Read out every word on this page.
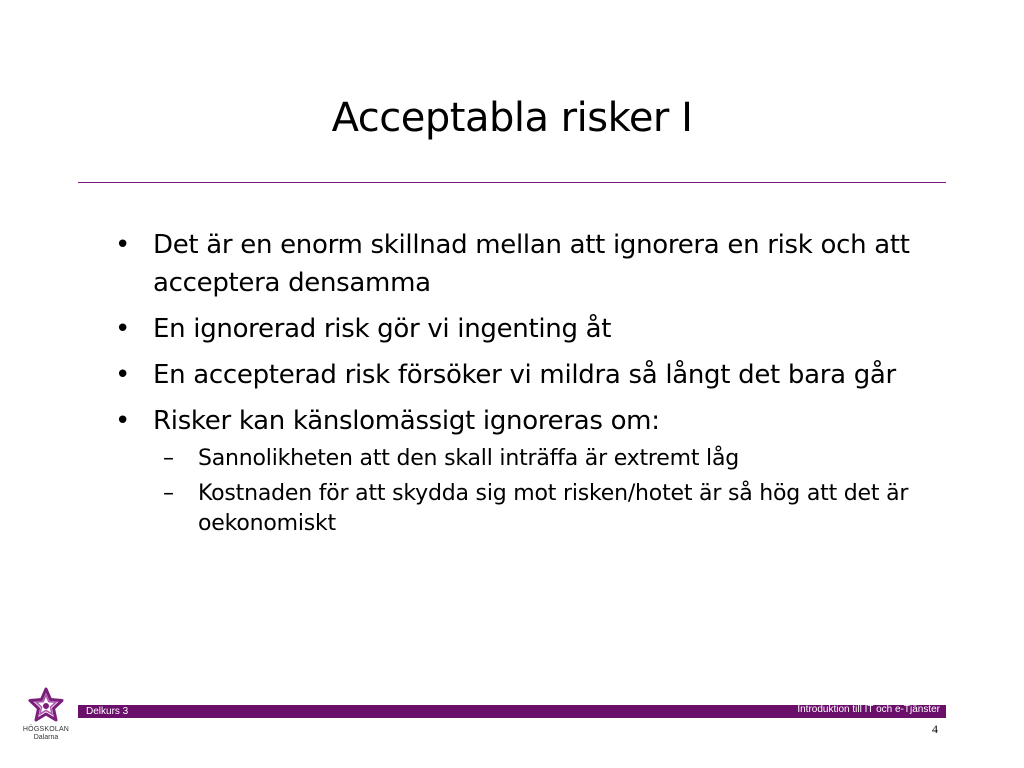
Acceptabla risker I
• Det är en enorm skillnad mellan att ignorera en risk och att acceptera densamma
• En ignorerad risk gör vi ingenting åt
• En accepterad risk försöker vi mildra så långt det bara går
• Risker kan känslomässigt ignoreras om:
– Sannolikheten att den skall inträffa är extremt låg
– Kostnaden för att skydda sig mot risken/hotet är så hög att det är oekonomiskt
HÖGSKOLAN
Dalarna
Delkurs 3	Introduktion till IT och e-Tjänster
4
